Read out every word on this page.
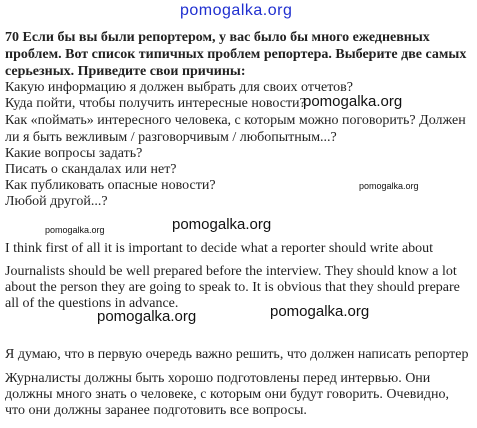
pomogalka.org
70 Если бы вы были репортером, у вас было бы много ежедневных
проблем. Вот список типичных проблем репортера. Выберите две самых
серьезных. Приведите свои причины:
Какую информацию я должен выбрать для своих отчетов?
Куда пойти, чтобы получить интересные новости?
pomogalka.org
Как «поймать» интересного человека, с которым можно поговорить? Должен
ли я быть вежливым / разговорчивым / любопытным...?
Какие вопросы задать?
Писать о скандалах или нет?
Как публиковать опасные новости?	pomogalka.org
Любой другой...?
pomogalka.org
pomogalka.org
I think first of all it is important to decide what a reporter should write about
Journalists should be well prepared before the interview. They should know a lot
about the person they are going to speak to. It is obvious that they should prepare
all of the questions in advance.
pomogalka.org	pomogalka.org
Я думаю, что в первую очередь важно решить, что должен написать репортер
Журналисты должны быть хорошо подготовлены перед интервью. Они
должны много знать о человеке, с которым они будут говорить. Очевидно,
что они должны заранее подготовить все вопросы.
